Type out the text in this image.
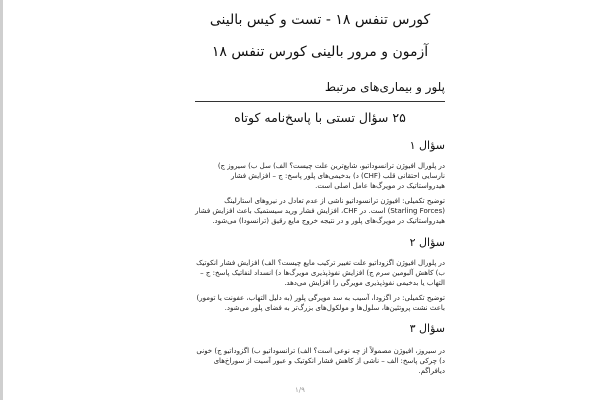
کورس تنفس ۱۸ - تست و کیس بالینی
آزمون و مرور بالینی کورس تنفس ۱۸
پلور و بیماری‌های مرتبط
۲۵ سؤال تستی با پاسخ‌نامه کوتاه
سؤال ۱
در پلورال افیوژن ترانسوداتیو، شایع‌ترین علت چیست؟ الف) سل ب) سیروز ج) نارسایی احتقانی قلب (CHF) د) بدخیمی‌های پلور پاسخ: ج – افزایش فشار هیدرواستاتیک در مویرگ‌ها عامل اصلی است.
توضیح تکمیلی: افیوژن ترانسوداتیو ناشی از عدم تعادل در نیروهای استارلینگ (Starling Forces) است. در CHF، افزایش فشار ورید سیستمیک باعث افزایش فشار هیدرواستاتیک در مویرگ‌های پلور و در نتیجه خروج مایع رقیق (ترانسودا) می‌شود.
سؤال ۲
در پلورال افیوژن اگزوداتیو علت تغییر ترکیب مایع چیست؟ الف) افزایش فشار انکوتیک ب) کاهش آلبومین سرم ج) افزایش نفوذپذیری مویرگ‌ها د) انسداد لنفاتیک پاسخ: ج – التهاب یا بدخیمی نفوذپذیری مویرگی را افزایش می‌دهد.
توضیح تکمیلی: در اگزودا، آسیب به سد مویرگی پلور (به دلیل التهاب، عفونت یا تومور) باعث نشت پروتئین‌ها، سلول‌ها و مولکول‌های بزرگ‌تر به فضای پلور می‌شود.
سؤال ۳
در سیروز، افیوژن مصمولاً از چه نوعی است؟ الف) ترانسوداتیو ب) اگزوداتیو ج) خونی د) چرکی پاسخ: الف – ناشی از کاهش فشار انکوتیک و عبور آسیت از سوراخ‌های دیافراگم.
۱/۹
